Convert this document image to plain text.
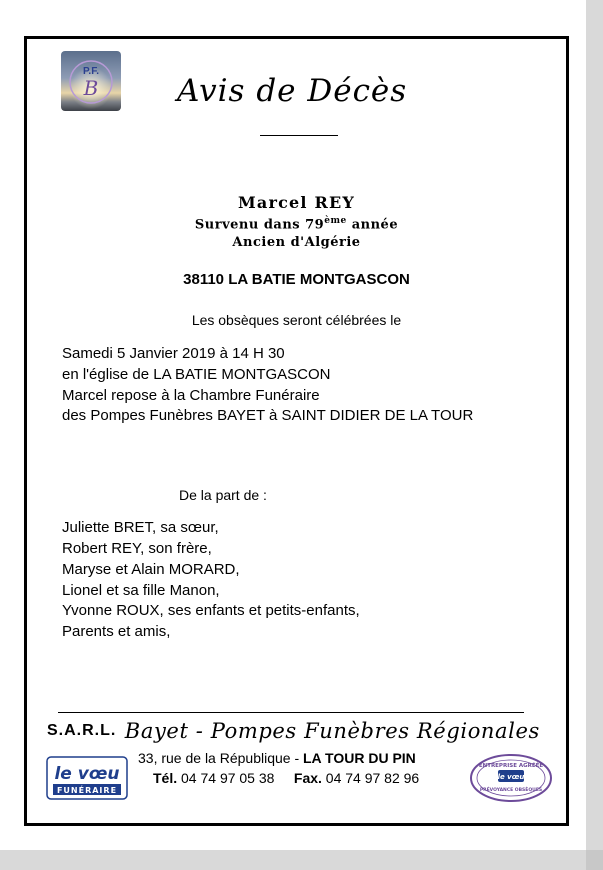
P.F.
B	Avis de Décès
Marcel REY
Survenu dans 79ème année
Ancien d'Algérie
38110 LA BATIE MONTGASCON
Les obsèques seront célébrées le
Samedi 5 Janvier 2019 à 14 H 30
en l'église de LA BATIE MONTGASCON
Marcel repose à la Chambre Funéraire
des Pompes Funèbres BAYET à SAINT DIDIER DE LA TOUR
De la part de :
Juliette BRET, sa sœur,
Robert REY, son frère,
Maryse et Alain MORARD,
Lionel et sa fille Manon,
Yvonne ROUX, ses enfants et petits-enfants,
Parents et amis,
S.A.R.L. Bayet - Pompes Funèbres Régionales
33, rue de la République - LA TOUR DU PIN
Tél. 04 74 97 05 38 Fax. 04 74 97 82 96
le vœu
FUNÉRAIRE
ENTREPRISE AGRÉÉE
le vœu
PRÉVOYANCE OBSÈQUES
